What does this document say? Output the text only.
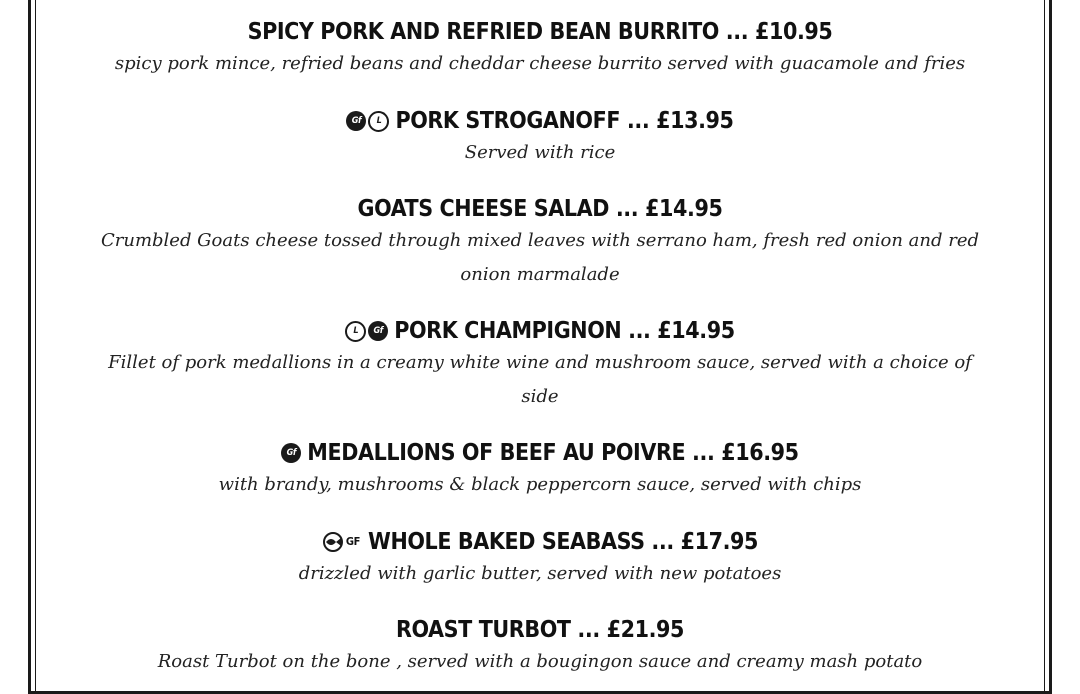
SPICY PORK AND REFRIED BEAN BURRITO ... £10.95
spicy pork mince, refried beans and cheddar cheese burrito served with guacamole and fries
Gf	L PORK STROGANOFF ... £13.95
Served with rice
GOATS CHEESE SALAD ... £14.95
Crumbled Goats cheese tossed through mixed leaves with serrano ham, fresh red onion and red
onion marmalade
L	Gf PORK CHAMPIGNON ... £14.95
Fillet of pork medallions in a creamy white wine and mushroom sauce, served with a choice of
side
Gf MEDALLIONS OF BEEF AU POIVRE ... £16.95
with brandy, mushrooms & black peppercorn sauce, served with chips
GF WHOLE BAKED SEABASS ... £17.95
drizzled with garlic butter, served with new potatoes
ROAST TURBOT ... £21.95
Roast Turbot on the bone , served with a bougingon sauce and creamy mash potato
